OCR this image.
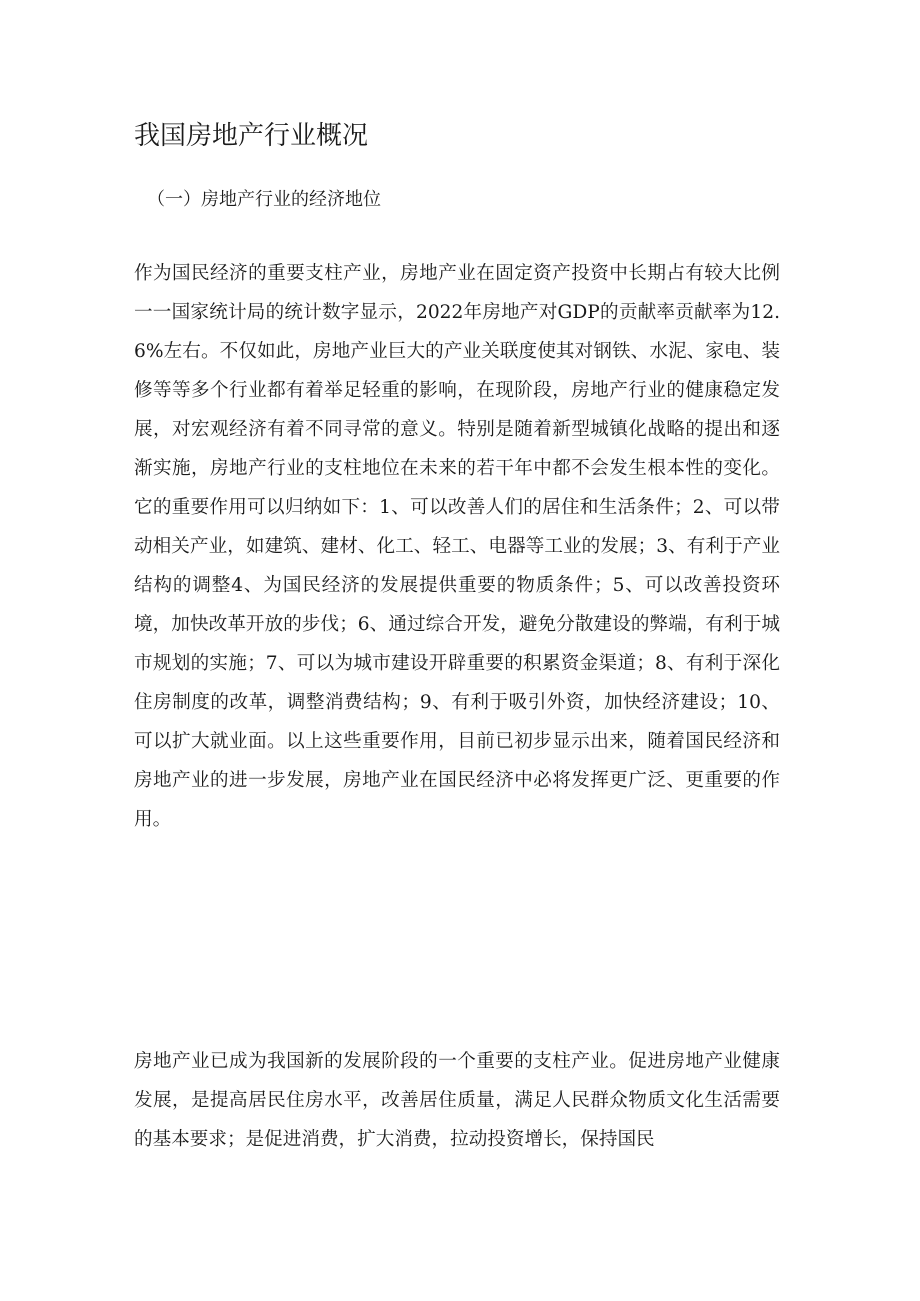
我国房地产行业概况
（一）房地产行业的经济地位

作为国民经济的重要支柱产业，房地产业在固定资产投资中长期占有较大比例一一国家统计局的统计数字显示，2022年房地产对GDP的贡献率贡献率为12.6%左右。不仅如此，房地产业巨大的产业关联度使其对钢铁、水泥、家电、装修等等多个行业都有着举足轻重的影响，在现阶段，房地产行业的健康稳定发展，对宏观经济有着不同寻常的意义。特别是随着新型城镇化战略的提出和逐渐实施，房地产行业的支柱地位在未来的若干年中都不会发生根本性的变化。它的重要作用可以归纳如下：1、可以改善人们的居住和生活条件；2、可以带动相关产业，如建筑、建材、化工、轻工、电器等工业的发展；3、有利于产业结构的调整4、为国民经济的发展提供重要的物质条件；5、可以改善投资环境，加快改革开放的步伐；6、通过综合开发，避免分散建设的弊端，有利于城市规划的实施；7、可以为城市建设开辟重要的积累资金渠道；8、有利于深化住房制度的改革，调整消费结构；9、有利于吸引外资，加快经济建设；10、可以扩大就业面。以上这些重要作用，目前已初步显示出来，随着国民经济和房地产业的进一步发展，房地产业在国民经济中必将发挥更广泛、更重要的作用。

房地产业已成为我国新的发展阶段的一个重要的支柱产业。促进房地产业健康发展，是提高居民住房水平，改善居住质量，满足人民群众物质文化生活需要的基本要求；是促进消费，扩大消费，拉动投资增长，保持国民
